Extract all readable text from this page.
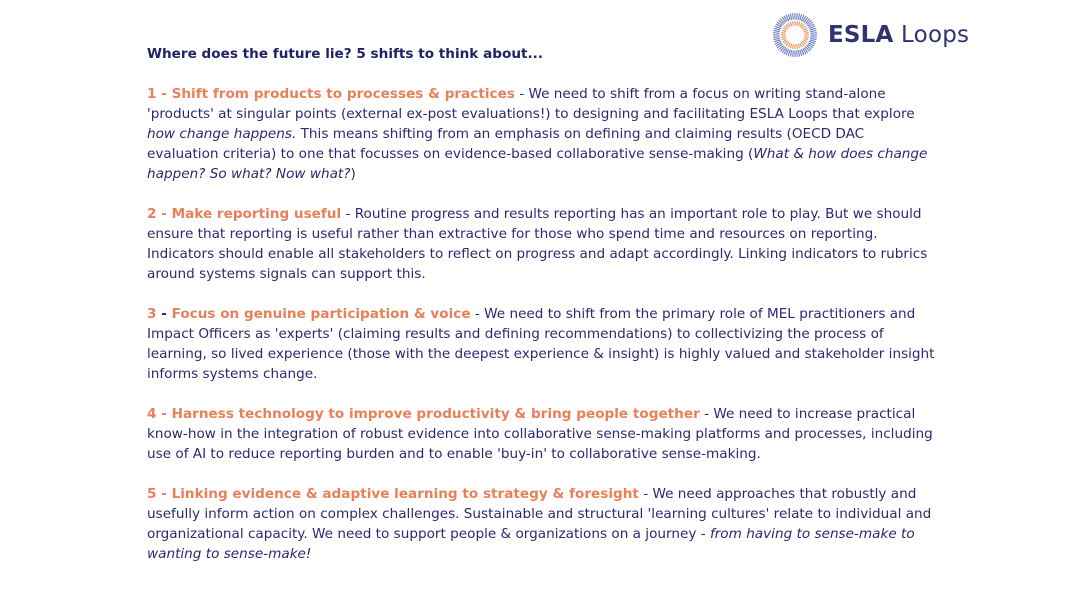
ESLA Loops
Where does the future lie? 5 shifts to think about...

1 - Shift from products to processes & practices - We need to shift from a focus on writing stand-alone 'products' at singular points (external ex-post evaluations!) to designing and facilitating ESLA Loops that explore how change happens. This means shifting from an emphasis on defining and claiming results (OECD DAC evaluation criteria) to one that focusses on evidence-based collaborative sense-making (What & how does change happen? So what? Now what?)

2 - Make reporting useful - Routine progress and results reporting has an important role to play. But we should ensure that reporting is useful rather than extractive for those who spend time and resources on reporting. Indicators should enable all stakeholders to reflect on progress and adapt accordingly. Linking indicators to rubrics around systems signals can support this.

3 - Focus on genuine participation & voice - We need to shift from the primary role of MEL practitioners and Impact Officers as 'experts' (claiming results and defining recommendations) to collectivizing the process of learning, so lived experience (those with the deepest experience & insight) is highly valued and stakeholder insight informs systems change.

4 - Harness technology to improve productivity & bring people together - We need to increase practical know-how in the integration of robust evidence into collaborative sense-making platforms and processes, including use of AI to reduce reporting burden and to enable 'buy-in' to collaborative sense-making.

5 - Linking evidence & adaptive learning to strategy & foresight - We need approaches that robustly and usefully inform action on complex challenges. Sustainable and structural 'learning cultures' relate to individual and organizational capacity. We need to support people & organizations on a journey - from having to sense-make to wanting to sense-make!
